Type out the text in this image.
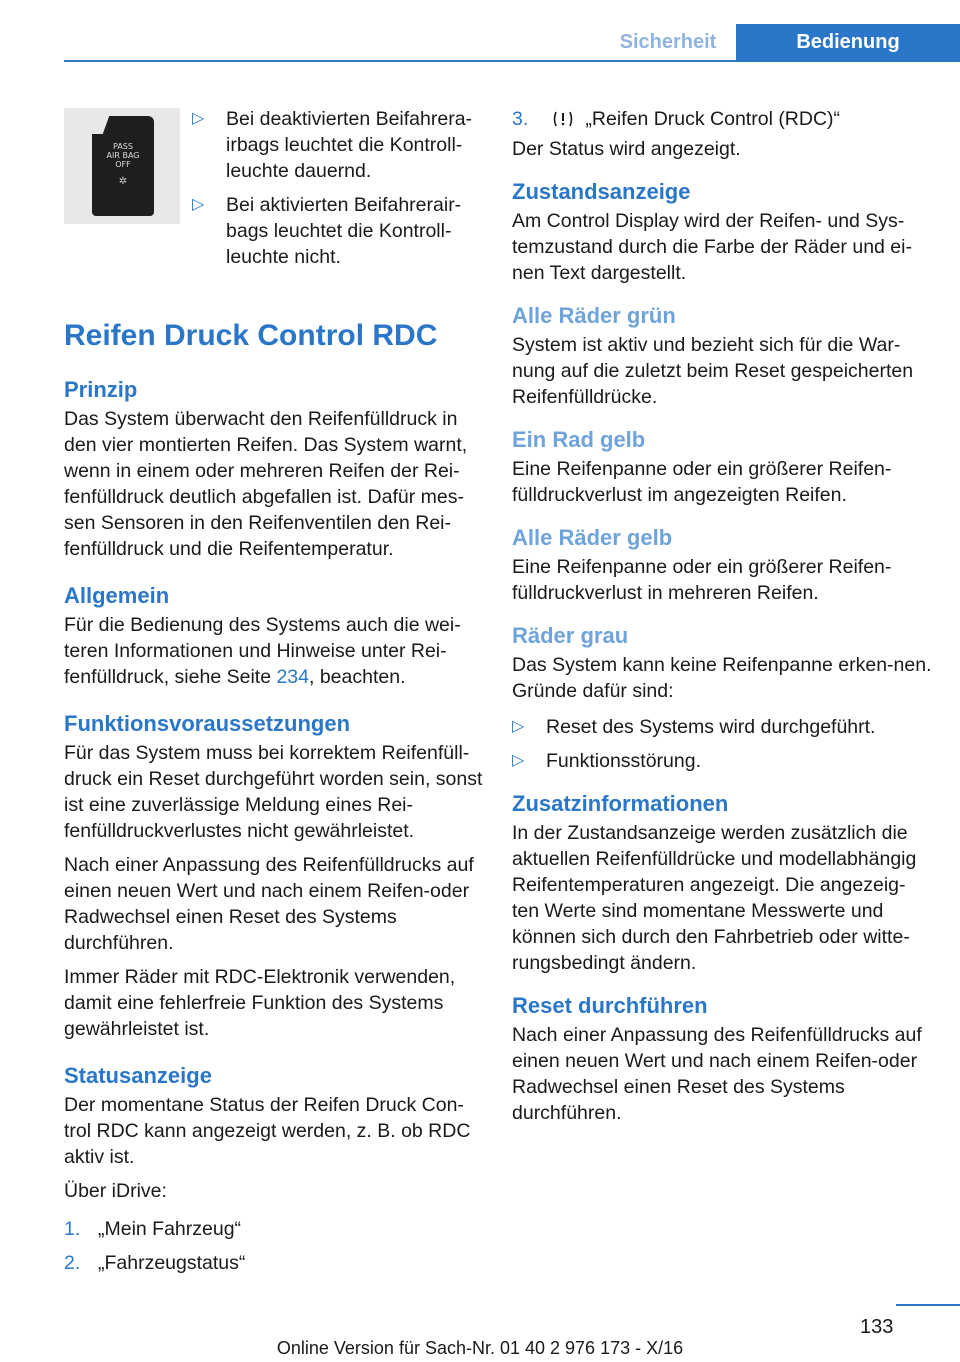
Sicherheit	Bedienung
PASS
AIR BAG
OFF
✲
▷ Bei deaktivierten Beifahrera-irbags leuchtet die Kontroll-leuchte dauernd.
▷ Bei aktivierten Beifahrerair-bags leuchtet die Kontroll-leuchte nicht.
Reifen Druck Control RDC
Prinzip

Das System überwacht den Reifenfülldruck in den vier montierten Reifen. Das System warnt, wenn in einem oder mehreren Reifen der Rei-fenfülldruck deutlich abgefallen ist. Dafür mes-sen Sensoren in den Reifenventilen den Rei-fenfülldruck und die Reifentemperatur.

Allgemein

Für die Bedienung des Systems auch die wei-teren Informationen und Hinweise unter Rei-fenfülldruck, siehe Seite 234, beachten.

Funktionsvoraussetzungen

Für das System muss bei korrektem Reifenfüll-druck ein Reset durchgeführt worden sein, sonst ist eine zuverlässige Meldung eines Rei-fenfülldruckverlustes nicht gewährleistet.

Nach einer Anpassung des Reifenfülldrucks auf einen neuen Wert und nach einem Reifen-oder Radwechsel einen Reset des Systems durchführen.

Immer Räder mit RDC-Elektronik verwenden, damit eine fehlerfreie Funktion des Systems gewährleistet ist.

Statusanzeige

Der momentane Status der Reifen Druck Con-trol RDC kann angezeigt werden, z. B. ob RDC aktiv ist.

Über iDrive:

1. „Mein Fahrzeug“
2. „Fahrzeugstatus“
3.	„Reifen Druck Control (RDC)“

Der Status wird angezeigt.

Zustandsanzeige

Am Control Display wird der Reifen- und Sys-temzustand durch die Farbe der Räder und ei-nen Text dargestellt.

Alle Räder grün

System ist aktiv und bezieht sich für die War-nung auf die zuletzt beim Reset gespeicherten Reifenfülldrücke.

Ein Rad gelb

Eine Reifenpanne oder ein größerer Reifen-fülldruckverlust im angezeigten Reifen.

Alle Räder gelb

Eine Reifenpanne oder ein größerer Reifen-fülldruckverlust in mehreren Reifen.

Räder grau

Das System kann keine Reifenpanne erken-nen. Gründe dafür sind:

▷ Reset des Systems wird durchgeführt.
▷ Funktionsstörung.
Zusatzinformationen

In der Zustandsanzeige werden zusätzlich die aktuellen Reifenfülldrücke und modellabhängig Reifentemperaturen angezeigt. Die angezeig-ten Werte sind momentane Messwerte und können sich durch den Fahrbetrieb oder witte-rungsbedingt ändern.

Reset durchführen

Nach einer Anpassung des Reifenfülldrucks auf einen neuen Wert und nach einem Reifen-oder Radwechsel einen Reset des Systems durchführen.

133
Online Version für Sach-Nr. 01 40 2 976 173 - X/16
